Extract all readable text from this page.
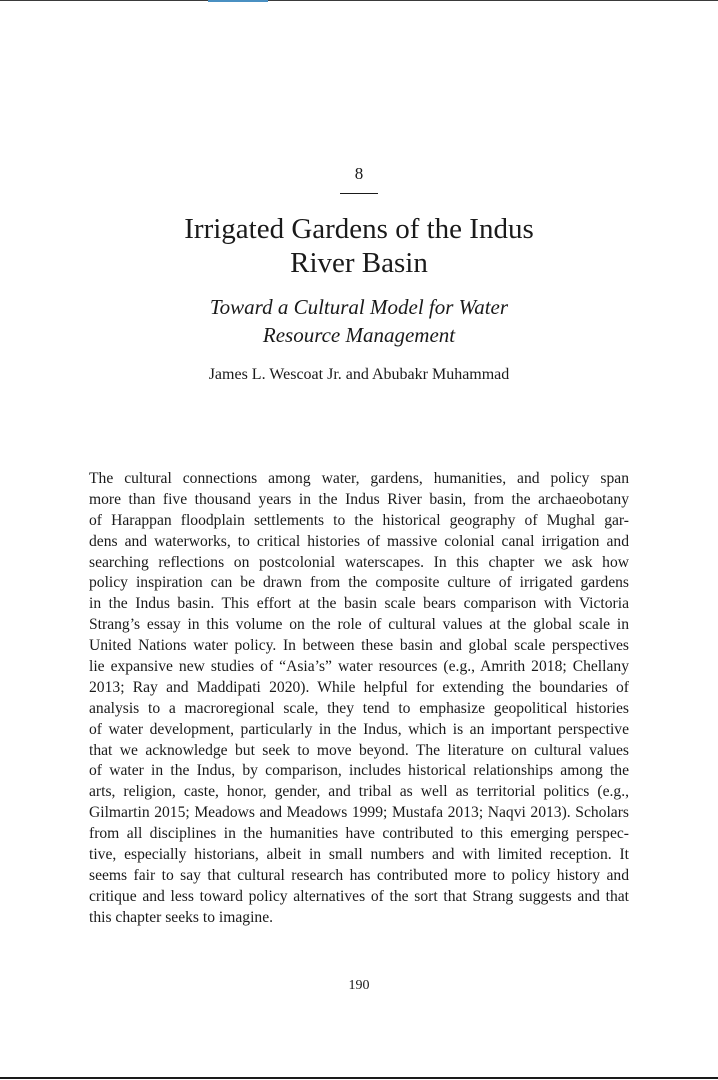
8
Irrigated Gardens of the Indus
River Basin
Toward a Cultural Model for Water
Resource Management
James L. Wescoat Jr. and Abubakr Muhammad
The cultural connections among water, gardens, humanities, and policy span
more than five thousand years in the Indus River basin, from the archaeobotany
of Harappan floodplain settlements to the historical geography of Mughal gar-
dens and waterworks, to critical histories of massive colonial canal irrigation and
searching reflections on postcolonial waterscapes. In this chapter we ask how
policy inspiration can be drawn from the composite culture of irrigated gardens
in the Indus basin. This effort at the basin scale bears comparison with Victoria
Strang’s essay in this volume on the role of cultural values at the global scale in
United Nations water policy. In between these basin and global scale perspectives
lie expansive new studies of “Asia’s” water resources (e.g., Amrith 2018; Chellany
2013; Ray and Maddipati 2020). While helpful for extending the boundaries of
analysis to a macroregional scale, they tend to emphasize geopolitical histories
of water development, particularly in the Indus, which is an important perspective
that we acknowledge but seek to move beyond. The literature on cultural values
of water in the Indus, by comparison, includes historical relationships among the
arts, religion, caste, honor, gender, and tribal as well as territorial politics (e.g.,
Gilmartin 2015; Meadows and Meadows 1999; Mustafa 2013; Naqvi 2013). Scholars
from all disciplines in the humanities have contributed to this emerging perspec-
tive, especially historians, albeit in small numbers and with limited reception. It
seems fair to say that cultural research has contributed more to policy history and
critique and less toward policy alternatives of the sort that Strang suggests and that
this chapter seeks to imagine.
190
